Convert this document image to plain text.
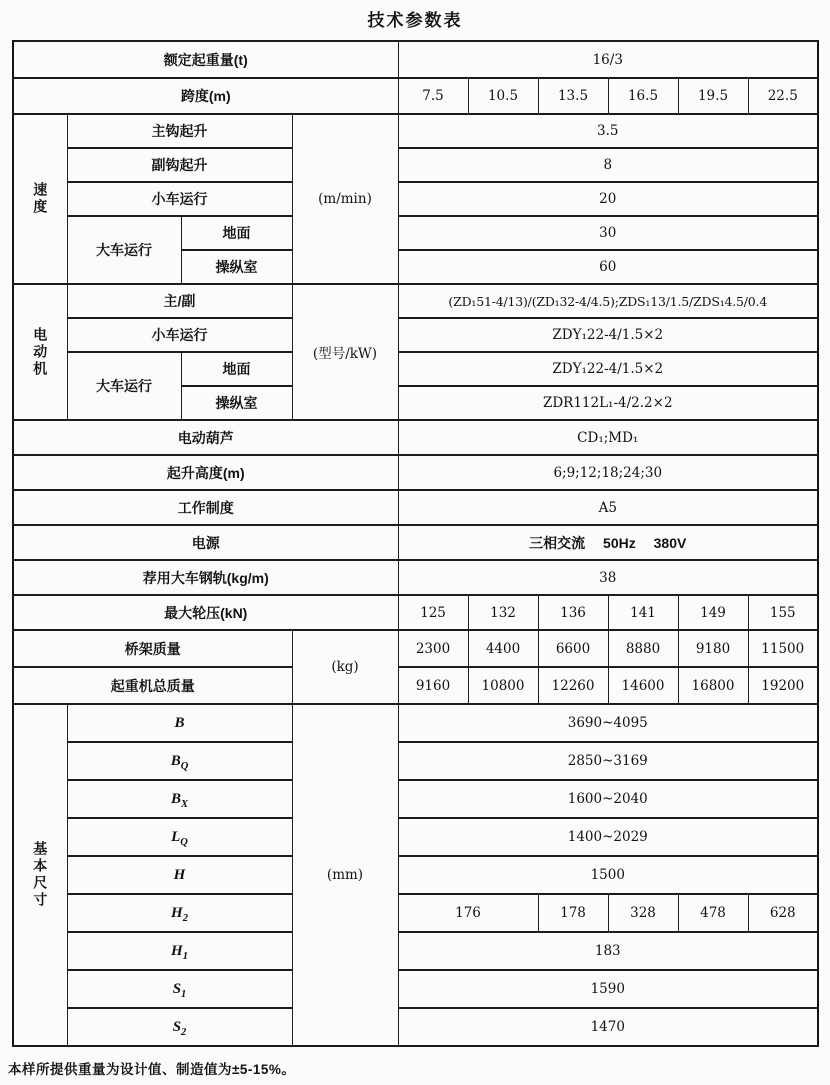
技术参数表
额定起重量(t)				16/3					
跨度(m)				7.5	10.5	13.5	16.5	19.5	22.5
速度	主钩起升		(m/min)	3.5					
	副钩起升			8					
	小车运行			20					
	大车运行	地面		30					
		操纵室		60					
电动机	主/副		(型号/kW)	(ZD₁51-4/13)/(ZD₁32-4/4.5);ZDS₁13/1.5/ZDS₁4.5/0.4					
	小车运行			ZDY₁22-4/1.5×2					
	大车运行	地面		ZDY₁22-4/1.5×2					
		操纵室		ZDR112L₁-4/2.2×2					
电动葫芦				CD₁;MD₁					
起升高度(m)				6;9;12;18;24;30					
工作制度				A5					
电源				三相交流 50Hz 380V					
荐用大车钢轨(kg/m)				38					
最大轮压(kN)				125	132	136	141	149	155
桥架质量			(kg)	2300	4400	6600	8880	9180	11500
起重机总质量				9160	10800	12260	14600	16800	19200
基本尺寸	B		(mm)	3690~4095					
	$B_Q$			2850~3169					
	$B_X$			1600~2040					
	$L_Q$			1400~2029					
	H			1500					
	$H_2$			176		178	328	478	628
	$H_1$			183					
	$S_1$			1590					
	$S_2$			1470					
本样所提供重量为设计值、制造值为±5-15%。
